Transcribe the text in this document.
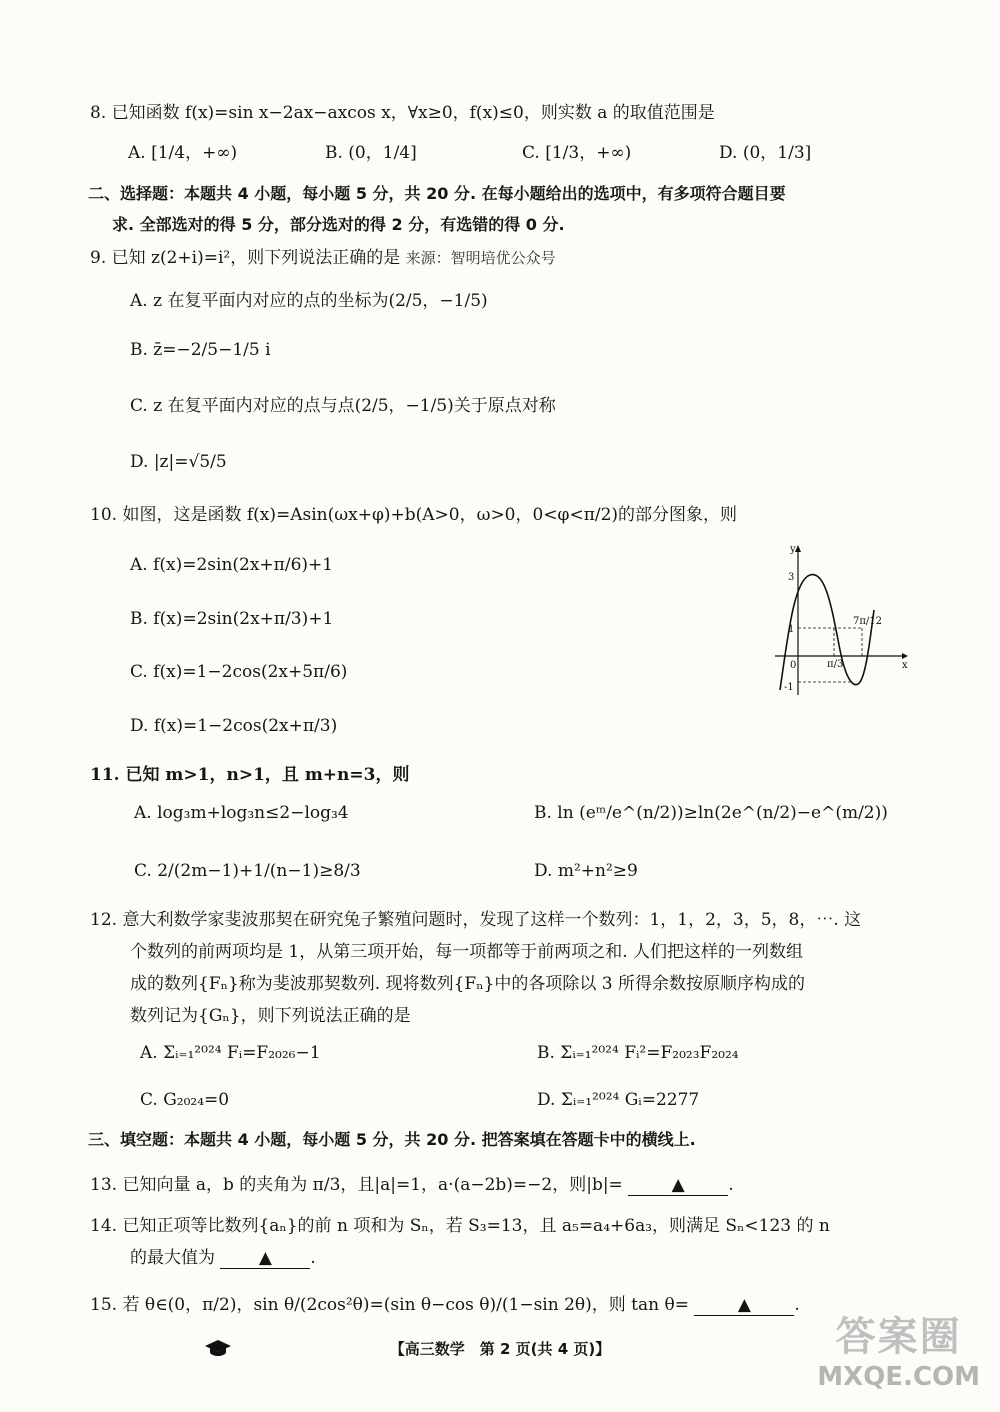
8. 已知函数 f(x)=sin x−2ax−axcos x，∀x≥0，f(x)≤0，则实数 a 的取值范围是
A. [1/4，+∞)	B. (0，1/4]	C. [1/3，+∞)	D. (0，1/3]
二、选择题：本题共 4 小题，每小题 5 分，共 20 分. 在每小题给出的选项中，有多项符合题目要
求. 全部选对的得 5 分，部分选对的得 2 分，有选错的得 0 分.
9. 已知 z(2+i)=i²，则下列说法正确的是 来源：智明培优公众号
A. z 在复平面内对应的点的坐标为(2/5，−1/5)
B. z̄=−2/5−1/5 i
C. z 在复平面内对应的点与点(2/5，−1/5)关于原点对称
D. |z|=√5/5
10. 如图，这是函数 f(x)=Asin(ωx+φ)+b(A>0，ω>0，0<φ<π/2)的部分图象，则
A. f(x)=2sin(2x+π/6)+1
B. f(x)=2sin(2x+π/3)+1
C. f(x)=1−2cos(2x+5π/6)
D. f(x)=1−2cos(2x+π/3)
x
y
0
3
1
-1
π/3
7π/12
11. 已知 m>1，n>1，且 m+n=3，则
A. log₃m+log₃n≤2−log₃4	B. ln (eᵐ/e^(n/2))≥ln(2e^(n/2)−e^(m/2))
C. 2/(2m−1)+1/(n−1)≥8/3	D. m²+n²≥9
12. 意大利数学家斐波那契在研究兔子繁殖问题时，发现了这样一个数列：1，1，2，3，5，8，⋯. 这
个数列的前两项均是 1，从第三项开始，每一项都等于前两项之和. 人们把这样的一列数组
成的数列{Fₙ}称为斐波那契数列. 现将数列{Fₙ}中的各项除以 3 所得余数按原顺序构成的
数列记为{Gₙ}，则下列说法正确的是
A. Σᵢ₌₁²⁰²⁴ Fᵢ=F₂₀₂₆−1	B. Σᵢ₌₁²⁰²⁴ Fᵢ²=F₂₀₂₃F₂₀₂₄
C. G₂₀₂₄=0	D. Σᵢ₌₁²⁰²⁴ Gᵢ=2277
三、填空题：本题共 4 小题，每小题 5 分，共 20 分. 把答案填在答题卡中的横线上.
13. 已知向量 a，b 的夹角为 π/3，且|a|=1，a·(a−2b)=−2，则|b|=	▲	.
14. 已知正项等比数列{aₙ}的前 n 项和为 Sₙ，若 S₃=13，且 a₅=a₄+6a₃，则满足 Sₙ<123 的 n
的最大值为	▲ .
15. 若 θ∈(0，π/2)，sin θ/(2cos²θ)=(sin θ−cos θ)/(1−sin 2θ)，则 tan θ=	▲	.
【高三数学　第 2 页(共 4 页)】	答案圈
MXQE.COM
